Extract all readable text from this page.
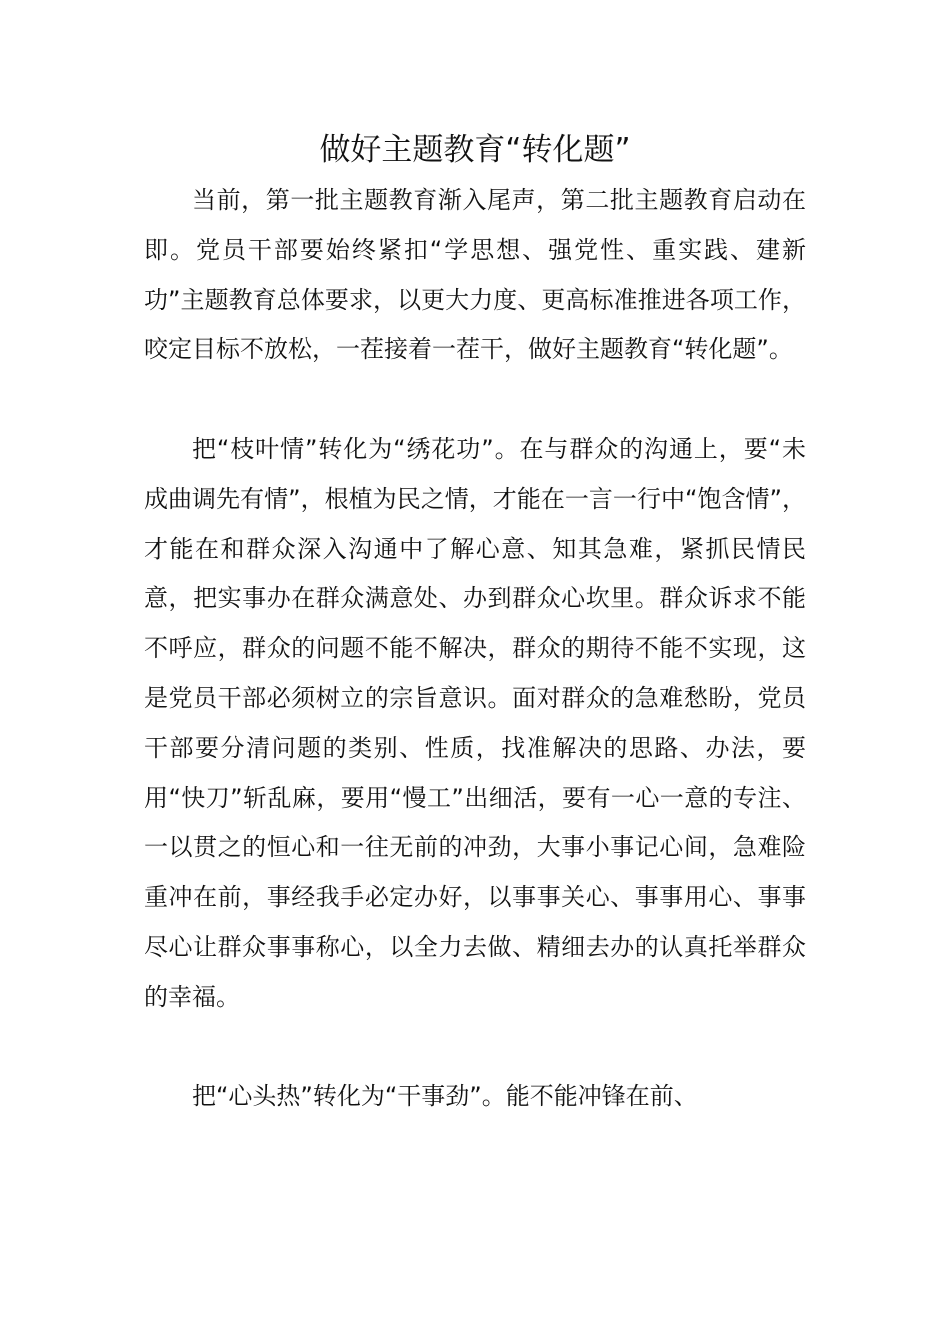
做好主题教育“转化题”

当前，第一批主题教育渐入尾声，第二批主题教育启动在即。党员干部要始终紧扣“学思想、强党性、重实践、建新功”主题教育总体要求，以更大力度、更高标准推进各项工作，咬定目标不放松，一茬接着一茬干，做好主题教育“转化题”。

把“枝叶情”转化为“绣花功”。在与群众的沟通上，要“未成曲调先有情”，根植为民之情，才能在一言一行中“饱含情”，才能在和群众深入沟通中了解心意、知其急难，紧抓民情民意，把实事办在群众满意处、办到群众心坎里。群众诉求不能不呼应，群众的问题不能不解决，群众的期待不能不实现，这是党员干部必须树立的宗旨意识。面对群众的急难愁盼，党员干部要分清问题的类别、性质，找准解决的思路、办法，要用“快刀”斩乱麻，要用“慢工”出细活，要有一心一意的专注、一以贯之的恒心和一往无前的冲劲，大事小事记心间，急难险重冲在前，事经我手必定办好，以事事关心、事事用心、事事尽心让群众事事称心，以全力去做、精细去办的认真托举群众的幸福。

把“心头热”转化为“干事劲”。能不能冲锋在前、
